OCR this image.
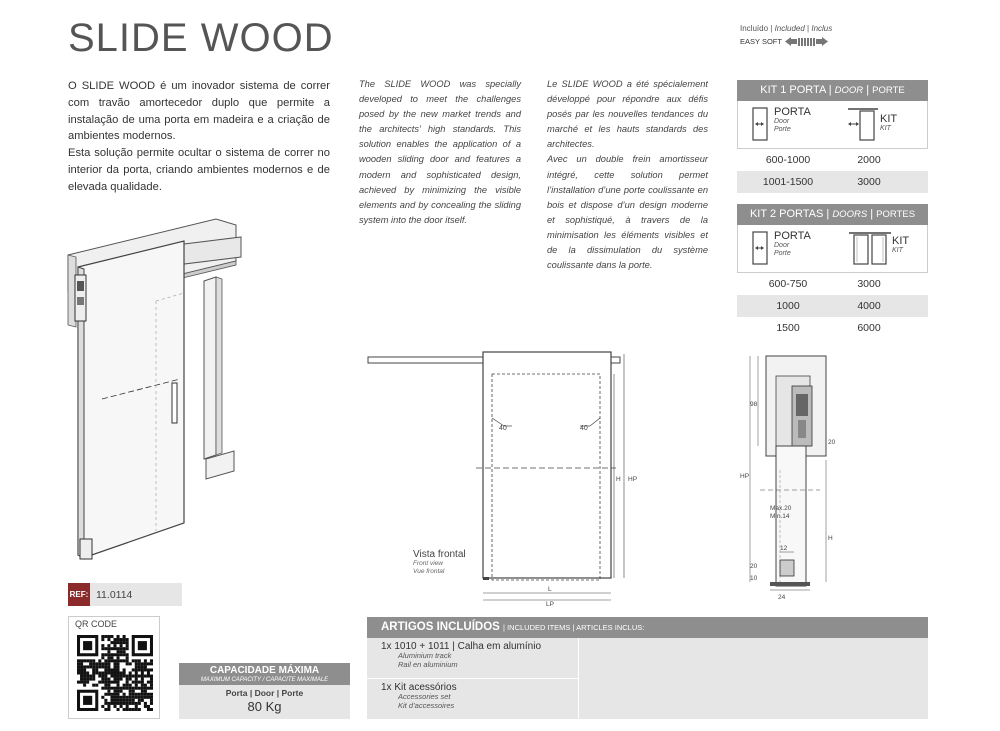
SLIDE WOOD	Incluído | Included | Inclus
EASY SOFT

O SLIDE WOOD é um inovador sistema de correr com travão amortecedor duplo que permite a instalação de uma porta em madeira e a criação de ambientes modernos.

Esta solução permite ocultar o sistema de correr no interior da porta, criando ambientes modernos e de elevada qualidade.

The SLIDE WOOD was specially developed to meet the challenges posed by the new market trends and the architects’ high standards. This solution enables the application of a wooden sliding door and features a modern and sophisticated design, achieved by minimizing the visible elements and by concealing the sliding system into the door itself.

Le SLIDE WOOD a été spécialement développé pour répondre aux défis posés par les nouvelles tendances du marché et les hauts standards des architectes.

Avec un double frein amortisseur intégré, cette solution permet l’installation d’une porte coulissante en bois et dispose d’un design moderne et sophistiqué, à travers de la minimisation les éléments visibles et de la dissimulation du système coulissante dans la porte.

KIT 1 PORTA | DOOR | PORTE
PORTA
Door
Porte
KIT
KIT
600-1000	2000
1001-1500	3000
KIT 2 PORTAS | DOORS | PORTES
PORTA
Door
Porte
KIT
KIT
600-750	3000
1000	4000
1500	6000
40	40
H HP
L
LP
Vista frontal
Front view
Vue frontal
98
20
HP
H
Max.20
Min.14
12
20
10
24
REF: 11.0114
QR CODE
CAPACIDADE MÁXIMA
MAXIMUM CAPACITY / CAPACITE MAXIMALE
Porta | Door | Porte
80 Kg
ARTIGOS INCLUÍDOS | INCLUDED ITEMS | ARTICLES INCLUS:
1x 1010 + 1011 | Calha em alumínio
Aluminium track
Rail en aluminium
1x Kit acessórios
Accessories set
Kit d’accessoires
